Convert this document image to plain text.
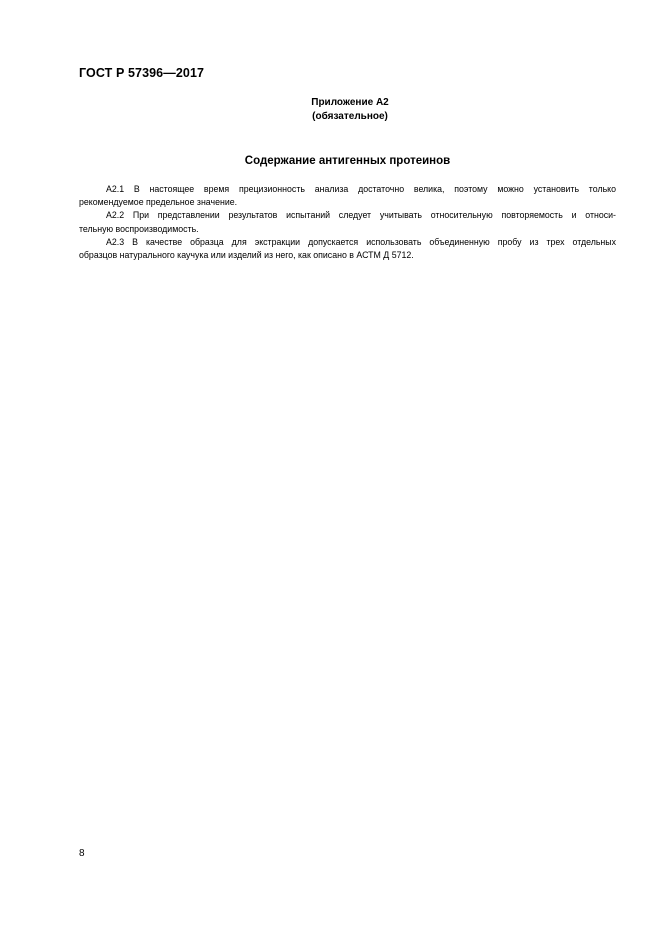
ГОСТ Р 57396—2017
Приложение А2
(обязательное)
Содержание антигенных протеинов
А2.1 В настоящее время прецизионность анализа достаточно велика, поэтому можно установить только
рекомендуемое предельное значение.
А2.2 При представлении результатов испытаний следует учитывать относительную повторяемость и относи-
тельную воспроизводимость.
А2.3 В качестве образца для экстракции допускается использовать объединенную пробу из трех отдельных
образцов натурального каучука или изделий из него, как описано в АСТМ Д 5712.
8
